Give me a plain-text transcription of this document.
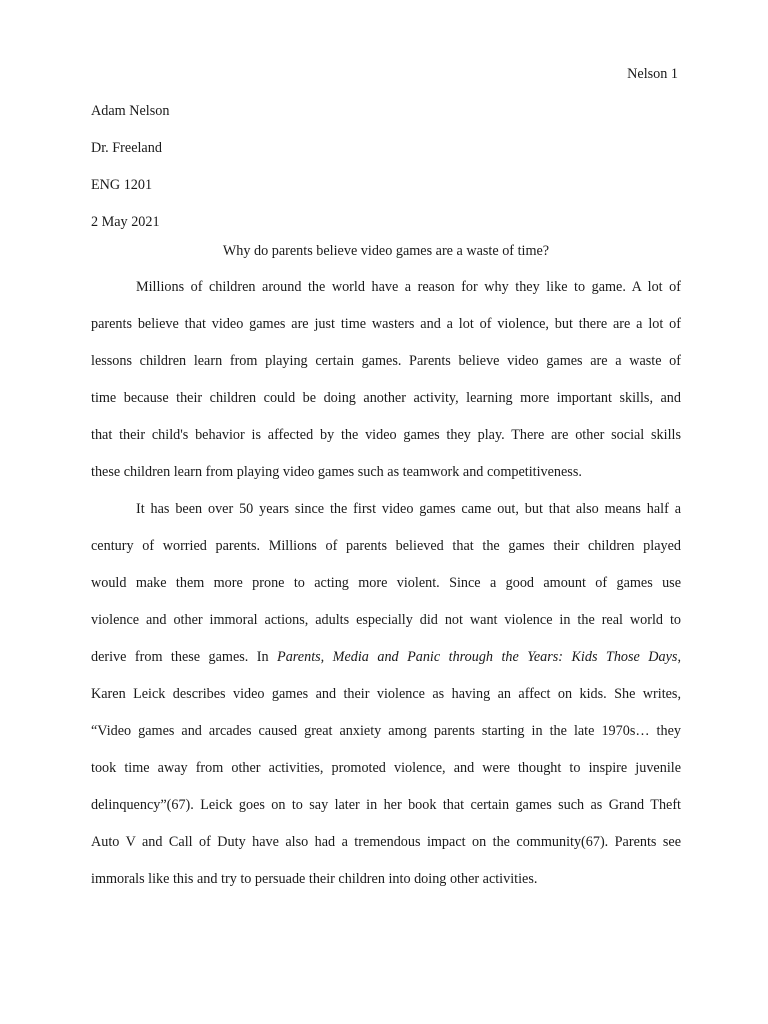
Nelson 1
Adam Nelson
Dr. Freeland
ENG 1201
2 May 2021
Why do parents believe video games are a waste of time?
Millions of children around the world have a reason for why they like to game. A lot of
parents believe that video games are just time wasters and a lot of violence, but there are a lot of
lessons children learn from playing certain games. Parents believe video games are a waste of
time because their children could be doing another activity, learning more important skills, and
that their child's behavior is affected by the video games they play. There are other social skills
these children learn from playing video games such as teamwork and competitiveness.
It has been over 50 years since the first video games came out, but that also means half a
century of worried parents. Millions of parents believed that the games their children played
would make them more prone to acting more violent. Since a good amount of games use
violence and other immoral actions, adults especially did not want violence in the real world to
derive from these games. In Parents, Media and Panic through the Years: Kids Those Days,
Karen Leick describes video games and their violence as having an affect on kids. She writes,
“Video games and arcades caused great anxiety among parents starting in the late 1970s… they
took time away from other activities, promoted violence, and were thought to inspire juvenile
delinquency”(67). Leick goes on to say later in her book that certain games such as Grand Theft
Auto V and Call of Duty have also had a tremendous impact on the community(67). Parents see
immorals like this and try to persuade their children into doing other activities.
